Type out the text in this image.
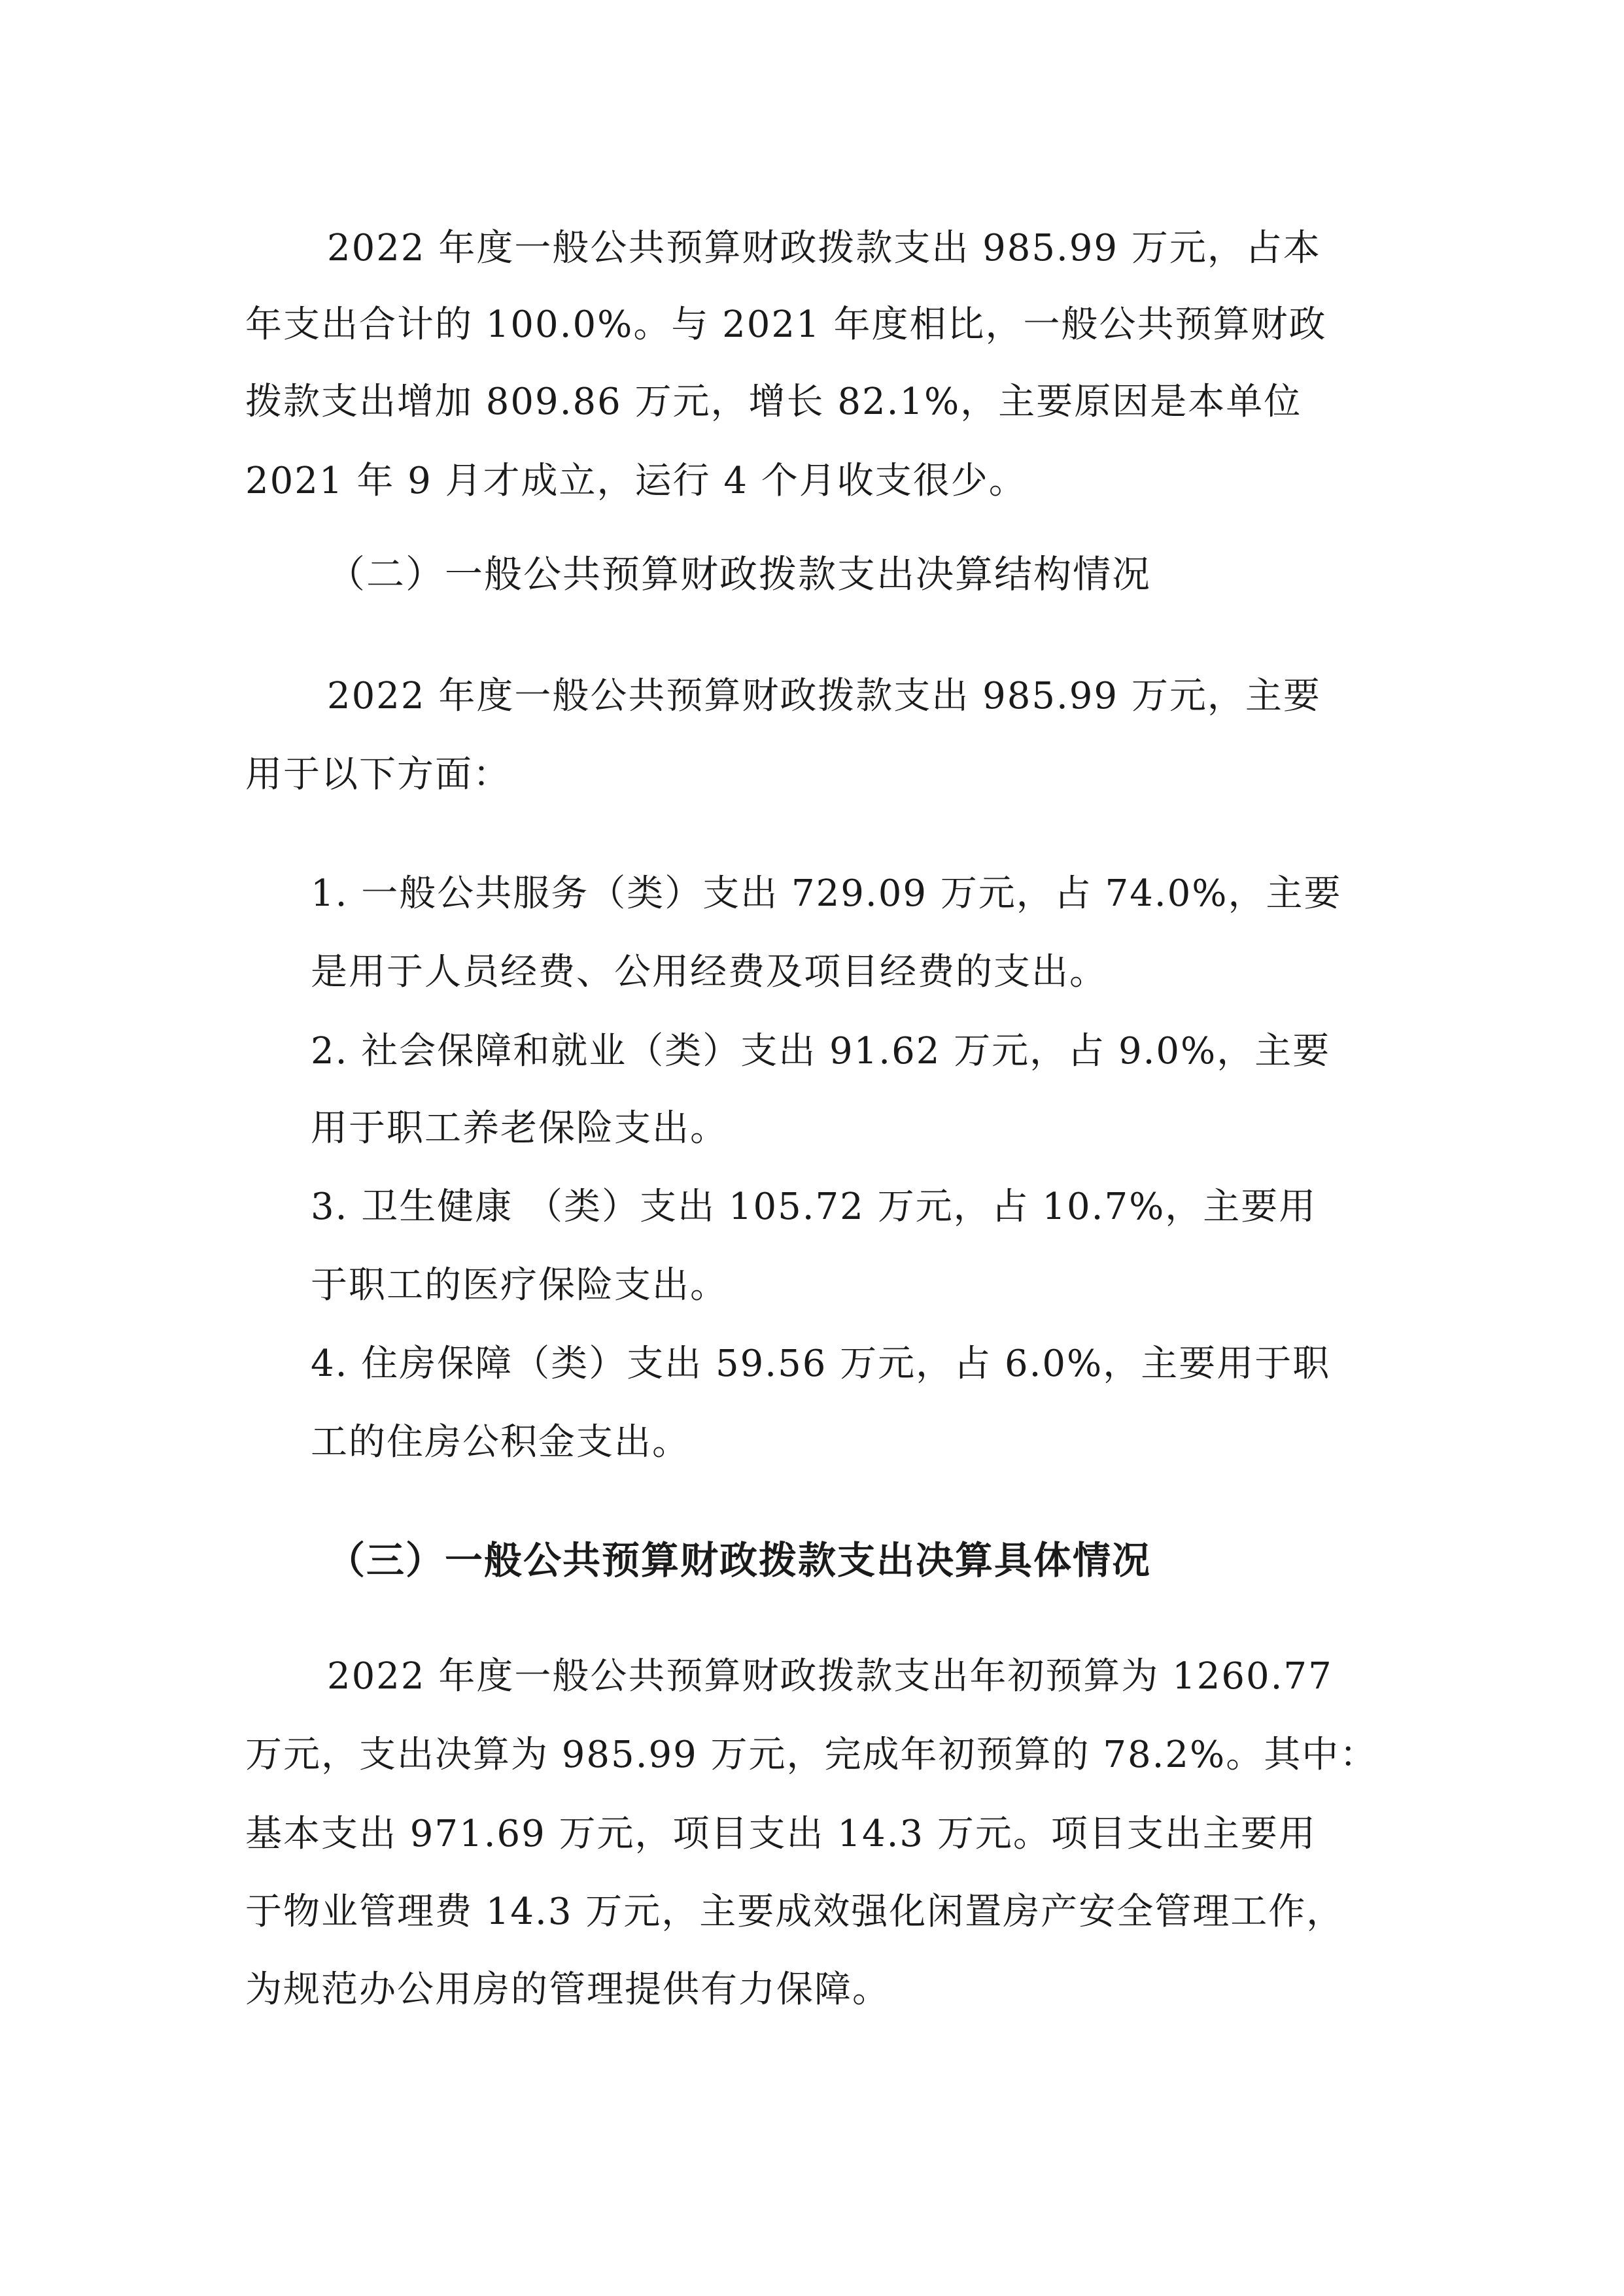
2022 年度一般公共预算财政拨款支出 985.99 万元，占本
年支出合计的 100.0%。与 2021 年度相比，一般公共预算财政
拨款支出增加 809.86 万元，增长 82.1%，主要原因是本单位
2021 年 9 月才成立，运行 4 个月收支很少。
（二）一般公共预算财政拨款支出决算结构情况
2022 年度一般公共预算财政拨款支出 985.99 万元，主要
用于以下方面：
1. 一般公共服务（类）支出 729.09 万元，占 74.0%，主要
是用于人员经费、公用经费及项目经费的支出。
2. 社会保障和就业（类）支出 91.62 万元，占 9.0%，主要
用于职工养老保险支出。
3. 卫生健康 （类）支出 105.72 万元，占 10.7%，主要用
于职工的医疗保险支出。
4. 住房保障（类）支出 59.56 万元，占 6.0%，主要用于职
工的住房公积金支出。
（三）一般公共预算财政拨款支出决算具体情况
2022 年度一般公共预算财政拨款支出年初预算为 1260.77
万元，支出决算为 985.99 万元，完成年初预算的 78.2%。其中：
基本支出 971.69 万元，项目支出 14.3 万元。项目支出主要用
于物业管理费 14.3 万元，主要成效强化闲置房产安全管理工作，
为规范办公用房的管理提供有力保障。
